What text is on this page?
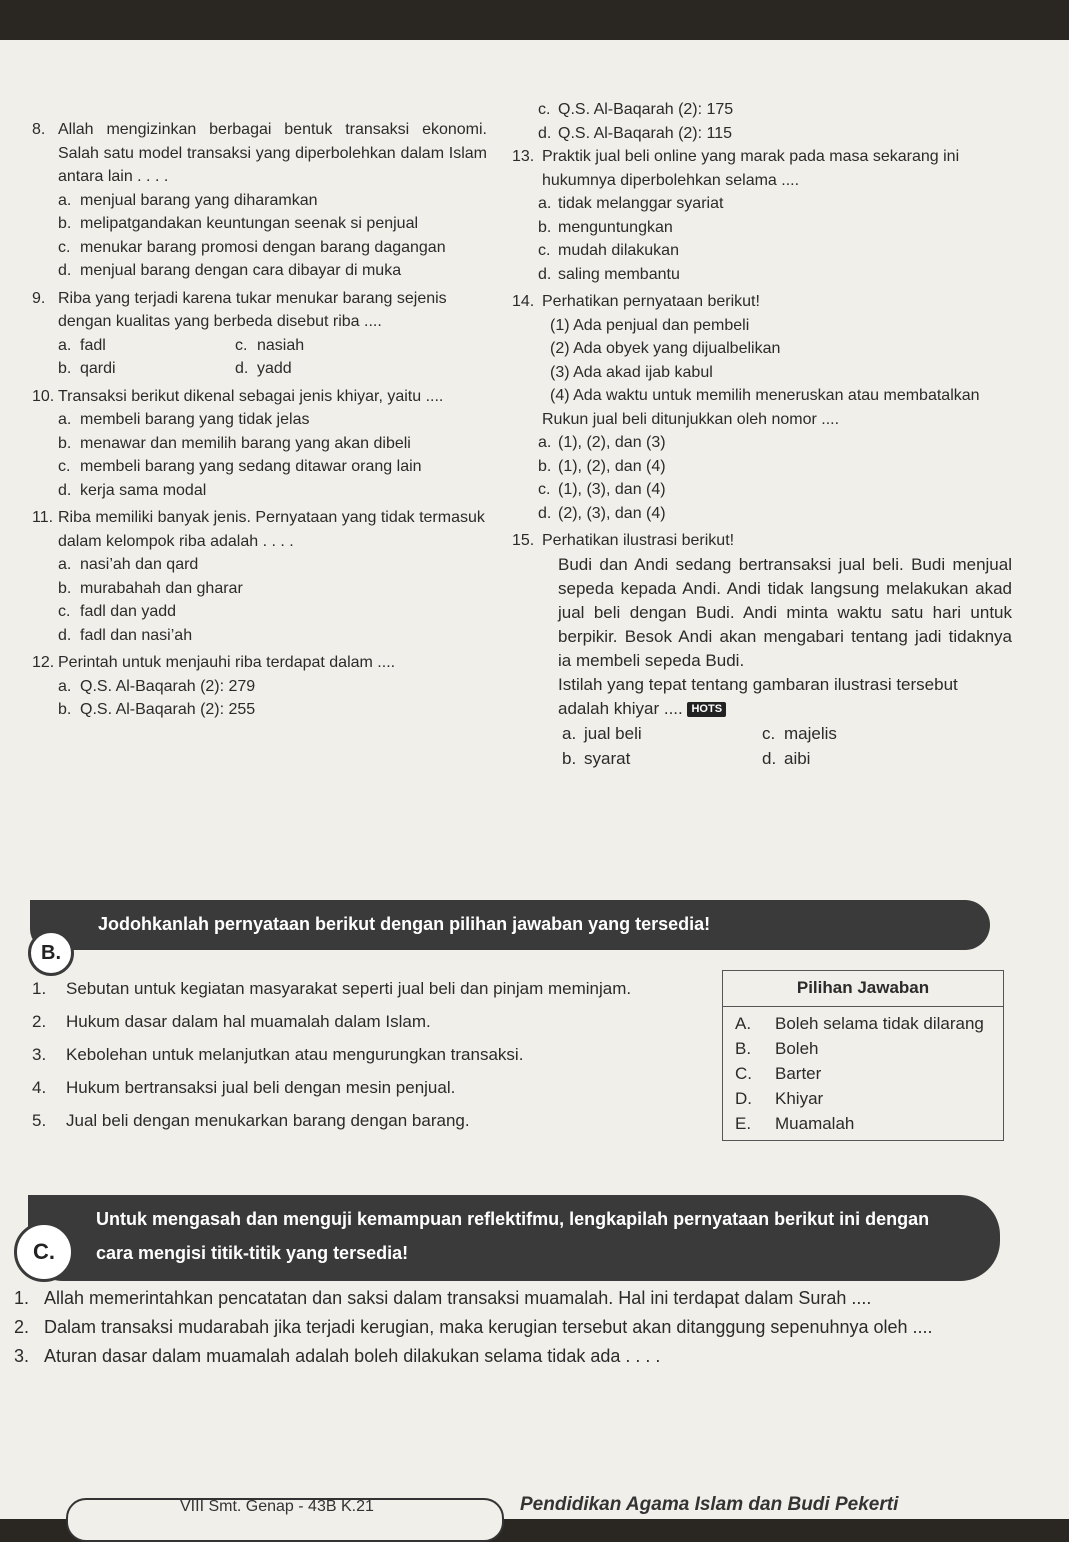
8. Allah mengizinkan berbagai bentuk transaksi ekonomi. Salah satu model transaksi yang diperbolehkan dalam Islam antara lain . . . .
a. menjual barang yang diharamkan
b. melipatgandakan keuntungan seenak si penjual
c. menukar barang promosi dengan barang dagangan
d. menjual barang dengan cara dibayar di muka
9. Riba yang terjadi karena tukar menukar barang sejenis dengan kualitas yang berbeda disebut riba ....
a. fadl	c. nasiah
b. qardi	d. yadd
10. Transaksi berikut dikenal sebagai jenis khiyar, yaitu ....
a. membeli barang yang tidak jelas
b. menawar dan memilih barang yang akan dibeli
c. membeli barang yang sedang ditawar orang lain
d. kerja sama modal
11. Riba memiliki banyak jenis. Pernyataan yang tidak termasuk dalam kelompok riba adalah . . . .
a. nasi’ah dan qard
b. murabahah dan gharar
c. fadl dan yadd
d. fadl dan nasi’ah
12. Perintah untuk menjauhi riba terdapat dalam ....
a. Q.S. Al-Baqarah (2): 279
b. Q.S. Al-Baqarah (2): 255
c. Q.S. Al-Baqarah (2): 175
d. Q.S. Al-Baqarah (2): 115
13. Praktik jual beli online yang marak pada masa sekarang ini hukumnya diperbolehkan selama ....
a. tidak melanggar syariat
b. menguntungkan
c. mudah dilakukan
d. saling membantu
14. Perhatikan pernyataan berikut!
(1) Ada penjual dan pembeli
(2) Ada obyek yang dijualbelikan
(3) Ada akad ijab kabul
(4) Ada waktu untuk memilih meneruskan atau membatalkan
Rukun jual beli ditunjukkan oleh nomor ....
a. (1), (2), dan (3)
b. (1), (2), dan (4)
c. (1), (3), dan (4)
d. (2), (3), dan (4)
15. Perhatikan ilustrasi berikut!
Budi dan Andi sedang bertransaksi jual beli. Budi menjual sepeda kepada Andi. Andi tidak langsung melakukan akad jual beli dengan Budi. Andi minta waktu satu hari untuk berpikir. Besok Andi akan mengabari tentang jadi tidaknya ia membeli sepeda Budi.
Istilah yang tepat tentang gambaran ilustrasi tersebut adalah khiyar .... HOTS
a. jual beli	c. majelis
b. syarat	d. aibi
Jodohkanlah pernyataan berikut dengan pilihan jawaban yang tersedia!
B.
1. Sebutan untuk kegiatan masyarakat seperti jual beli dan pinjam meminjam.
2. Hukum dasar dalam hal muamalah dalam Islam.
3. Kebolehan untuk melanjutkan atau mengurungkan transaksi.
4. Hukum bertransaksi jual beli dengan mesin penjual.
5. Jual beli dengan menukarkan barang dengan barang.
Pilihan Jawaban
A. Boleh selama tidak dilarang
B. Boleh
C. Barter
D. Khiyar
E. Muamalah
Untuk mengasah dan menguji kemampuan reflektifmu, lengkapilah pernyataan berikut ini dengan
cara mengisi titik-titik yang tersedia!
C.
1. Allah memerintahkan pencatatan dan saksi dalam transaksi muamalah. Hal ini terdapat dalam Surah ....
2. Dalam transaksi mudarabah jika terjadi kerugian, maka kerugian tersebut akan ditanggung sepenuhnya oleh ....
3. Aturan dasar dalam muamalah adalah boleh dilakukan selama tidak ada . . . .
VIII Smt. Genap - 43B K.21	Pendidikan Agama Islam dan Budi Pekerti
